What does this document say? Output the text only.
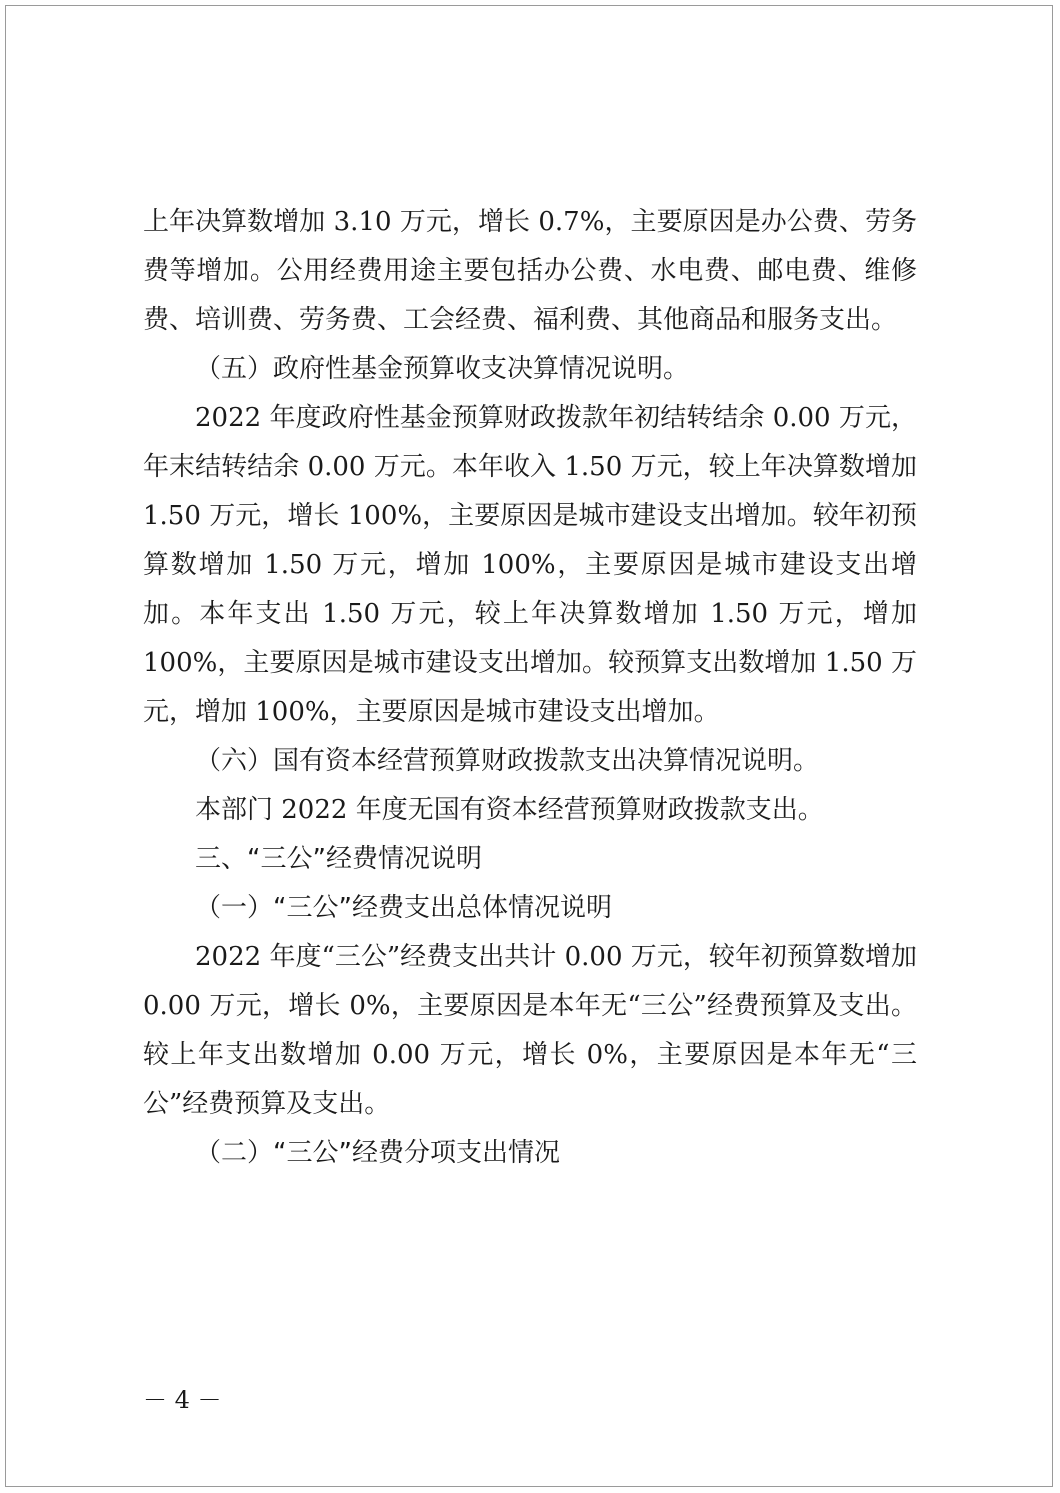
上年决算数增加 3.10 万元，增长 0.7%，主要原因是办公费、劳务费等增加。公用经费用途主要包括办公费、水电费、邮电费、维修费、培训费、劳务费、工会经费、福利费、其他商品和服务支出。

（五）政府性基金预算收支决算情况说明。

2022 年度政府性基金预算财政拨款年初结转结余 0.00 万元，年末结转结余 0.00 万元。本年收入 1.50 万元，较上年决算数增加 1.50 万元，增长 100%，主要原因是城市建设支出增加。较年初预算数增加 1.50 万元，增加 100%，主要原因是城市建设支出增加。本年支出 1.50 万元，较上年决算数增加 1.50 万元，增加 100%，主要原因是城市建设支出增加。较预算支出数增加 1.50 万元，增加 100%，主要原因是城市建设支出增加。

（六）国有资本经营预算财政拨款支出决算情况说明。

本部门 2022 年度无国有资本经营预算财政拨款支出。

三、“三公”经费情况说明

（一）“三公”经费支出总体情况说明

2022 年度“三公”经费支出共计 0.00 万元，较年初预算数增加 0.00 万元，增长 0%，主要原因是本年无“三公”经费预算及支出。较上年支出数增加 0.00 万元，增长 0%，主要原因是本年无“三公”经费预算及支出。

（二）“三公”经费分项支出情况

－ 4 －
